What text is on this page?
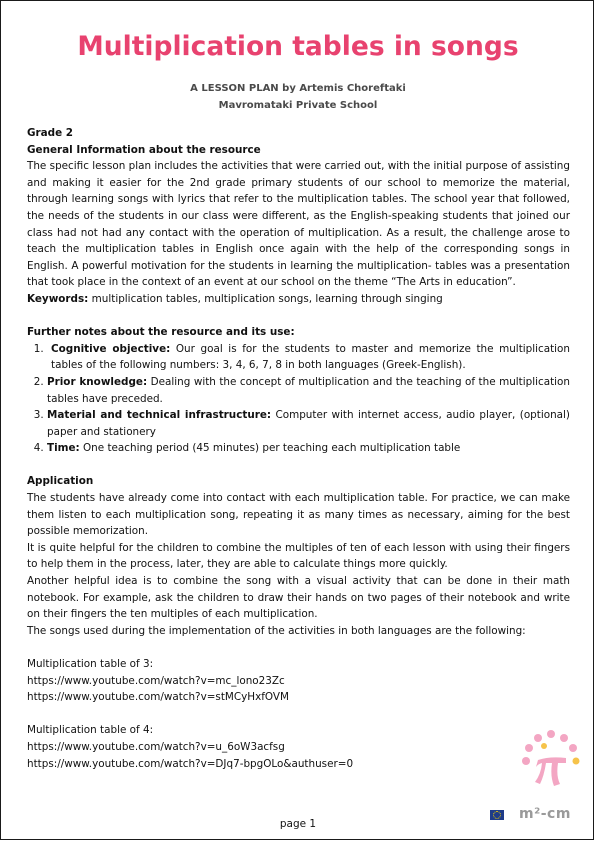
Multiplication tables in songs
A LESSON PLAN by Artemis Choreftaki
Mavromataki Private School

Grade 2

General Information about the resource

The specific lesson plan includes the activities that were carried out, with the initial purpose of assisting and making it easier for the 2nd grade primary students of our school to memorize the material, through learning songs with lyrics that refer to the multiplication tables. The school year that followed, the needs of the students in our class were different, as the English-speaking students that joined our class had not had any contact with the operation of multiplication. As a result, the challenge arose to teach the multiplication tables in English once again with the help of the corresponding songs in English. A powerful motivation for the students in learning the multiplication- tables was a presentation that took place in the context of an event at our school on the theme “The Arts in education”.

Keywords: multiplication tables, multiplication songs, learning through singing

Further notes about the resource and its use:

1. Cognitive objective: Our goal is for the students to master and memorize the multiplication tables of the following numbers: 3, 4, 6, 7, 8 in both languages (Greek-English).
2. Prior knowledge: Dealing with the concept of multiplication and the teaching of the multiplication tables have preceded.
3. Material and technical infrastructure: Computer with internet access, audio player, (optional) paper and stationery
4. Time: One teaching period (45 minutes) per teaching each multiplication table

Application

The students have already come into contact with each multiplication table. For practice, we can make them listen to each multiplication song, repeating it as many times as necessary, aiming for the best possible memorization.

It is quite helpful for the children to combine the multiples of ten of each lesson with using their fingers to help them in the process, later, they are able to calculate things more quickly.

Another helpful idea is to combine the song with a visual activity that can be done in their math notebook. For example, ask the children to draw their hands on two pages of their notebook and write on their fingers the ten multiples of each multiplication.

The songs used during the implementation of the activities in both languages are the following:

Multiplication table of 3:

https://www.youtube.com/watch?v=mc_lono23Zc
https://www.youtube.com/watch?v=stMCyHxfOVM

Multiplication table of 4:

https://www.youtube.com/watch?v=u_6oW3acfsg
https://www.youtube.com/watch?v=DJq7-bpgOLo&authuser=0
m²-cm
page 1
